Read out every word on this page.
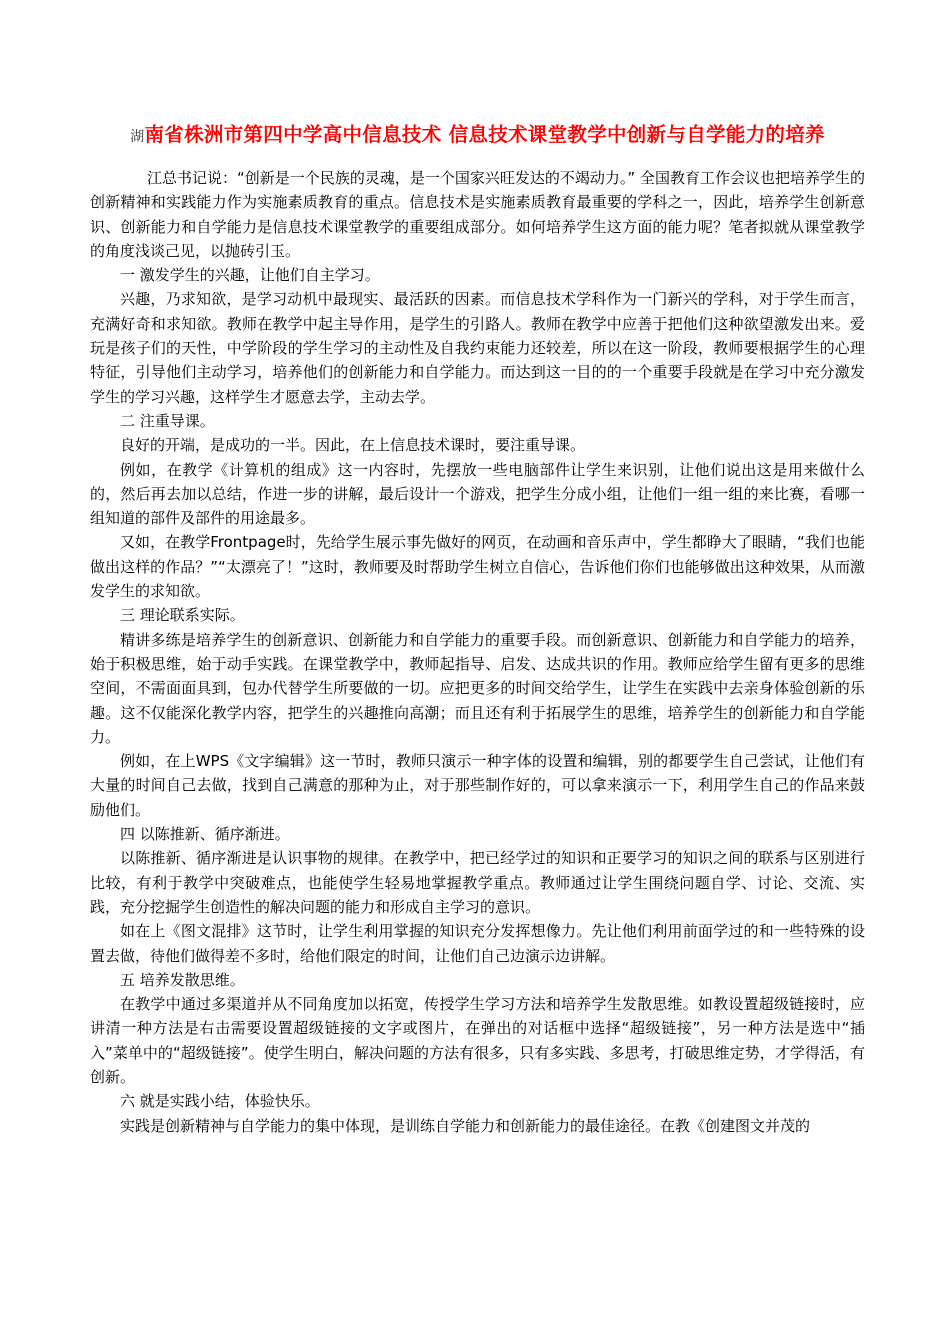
湖南省株洲市第四中学高中信息技术 信息技术课堂教学中创新与自学能力的培养

江总书记说：“创新是一个民族的灵魂，是一个国家兴旺发达的不竭动力。” 全国教育工作会议也把培养学生的创新精神和实践能力作为实施素质教育的重点。信息技术是实施素质教育最重要的学科之一，因此，培养学生创新意识、创新能力和自学能力是信息技术课堂教学的重要组成部分。如何培养学生这方面的能力呢？笔者拟就从课堂教学的角度浅谈己见，以抛砖引玉。

一 激发学生的兴趣，让他们自主学习。

兴趣，乃求知欲，是学习动机中最现实、最活跃的因素。而信息技术学科作为一门新兴的学科，对于学生而言，充满好奇和求知欲。教师在教学中起主导作用，是学生的引路人。教师在教学中应善于把他们这种欲望激发出来。爱玩是孩子们的天性，中学阶段的学生学习的主动性及自我约束能力还较差，所以在这一阶段，教师要根据学生的心理特征，引导他们主动学习，培养他们的创新能力和自学能力。而达到这一目的的一个重要手段就是在学习中充分激发学生的学习兴趣，这样学生才愿意去学，主动去学。

二 注重导课。

良好的开端，是成功的一半。因此，在上信息技术课时，要注重导课。

例如，在教学《计算机的组成》这一内容时，先摆放一些电脑部件让学生来识别，让他们说出这是用来做什么的，然后再去加以总结，作进一步的讲解，最后设计一个游戏，把学生分成小组，让他们一组一组的来比赛，看哪一组知道的部件及部件的用途最多。

又如，在教学Frontpage时，先给学生展示事先做好的网页，在动画和音乐声中，学生都睁大了眼睛，“我们也能做出这样的作品？”“太漂亮了！”这时，教师要及时帮助学生树立自信心，告诉他们你们也能够做出这种效果，从而激发学生的求知欲。

三 理论联系实际。

精讲多练是培养学生的创新意识、创新能力和自学能力的重要手段。而创新意识、创新能力和自学能力的培养，始于积极思维，始于动手实践。在课堂教学中，教师起指导、启发、达成共识的作用。教师应给学生留有更多的思维空间，不需面面具到，包办代替学生所要做的一切。应把更多的时间交给学生，让学生在实践中去亲身体验创新的乐趣。这不仅能深化教学内容，把学生的兴趣推向高潮；而且还有利于拓展学生的思维，培养学生的创新能力和自学能力。

例如，在上WPS《文字编辑》这一节时，教师只演示一种字体的设置和编辑，别的都要学生自己尝试，让他们有大量的时间自己去做，找到自己满意的那种为止，对于那些制作好的，可以拿来演示一下，利用学生自己的作品来鼓励他们。

四 以陈推新、循序渐进。

以陈推新、循序渐进是认识事物的规律。在教学中，把已经学过的知识和正要学习的知识之间的联系与区别进行比较，有利于教学中突破难点，也能使学生轻易地掌握教学重点。教师通过让学生围绕问题自学、讨论、交流、实践，充分挖掘学生创造性的解决问题的能力和形成自主学习的意识。

如在上《图文混排》这节时，让学生利用掌握的知识充分发挥想像力。先让他们利用前面学过的和一些特殊的设置去做，待他们做得差不多时，给他们限定的时间，让他们自己边演示边讲解。

五 培养发散思维。

在教学中通过多渠道并从不同角度加以拓宽，传授学生学习方法和培养学生发散思维。如教设置超级链接时，应讲清一种方法是右击需要设置超级链接的文字或图片，在弹出的对话框中选择“超级链接”，另一种方法是选中“插入”菜单中的“超级链接”。使学生明白，解决问题的方法有很多，只有多实践、多思考，打破思维定势，才学得活，有创新。

六 就是实践小结，体验快乐。

实践是创新精神与自学能力的集中体现，是训练自学能力和创新能力的最佳途径。在教《创建图文并茂的
